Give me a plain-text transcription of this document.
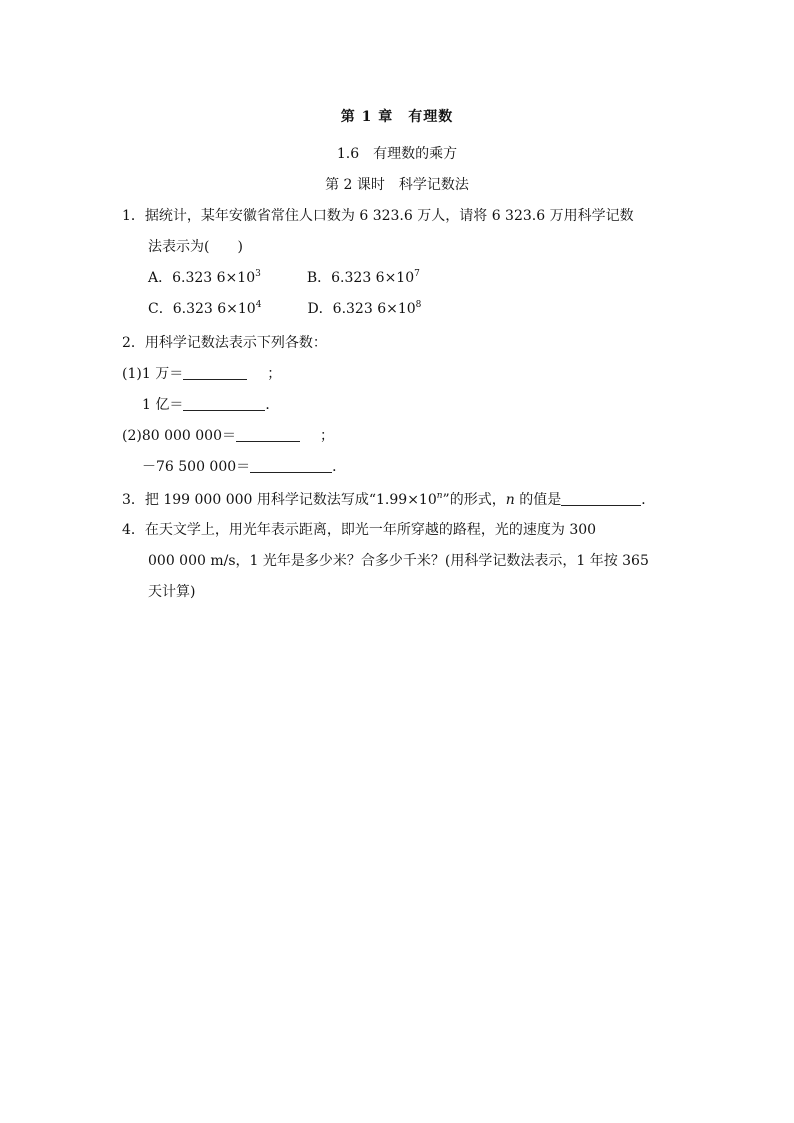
第 1 章　有理数
1.6　有理数的乘方
第 2 课时　科学记数法
1．据统计，某年安徽省常住人口数为 6 323.6 万人，请将 6 323.6 万用科学记数
法表示为(　　)
A．6.323 $6\times 10^3$	B．6.323 $6\times 10^7$
C．6.323 $6\times 10^4$	D．6.323 $6\times 10^8$
2．用科学记数法表示下列各数：
(1)1 万＝	；
1 亿＝	．
(2)80 000 000＝	；
－76 500 000＝	．
3．把 199 000 000 用科学记数法写成“$1.99\times 10^n$”的形式，n 的值是	．
4．在天文学上，用光年表示距离，即光一年所穿越的路程，光的速度为 300
000 000 m/s，1 光年是多少米？合多少千米？(用科学记数法表示，1 年按 365
天计算)
